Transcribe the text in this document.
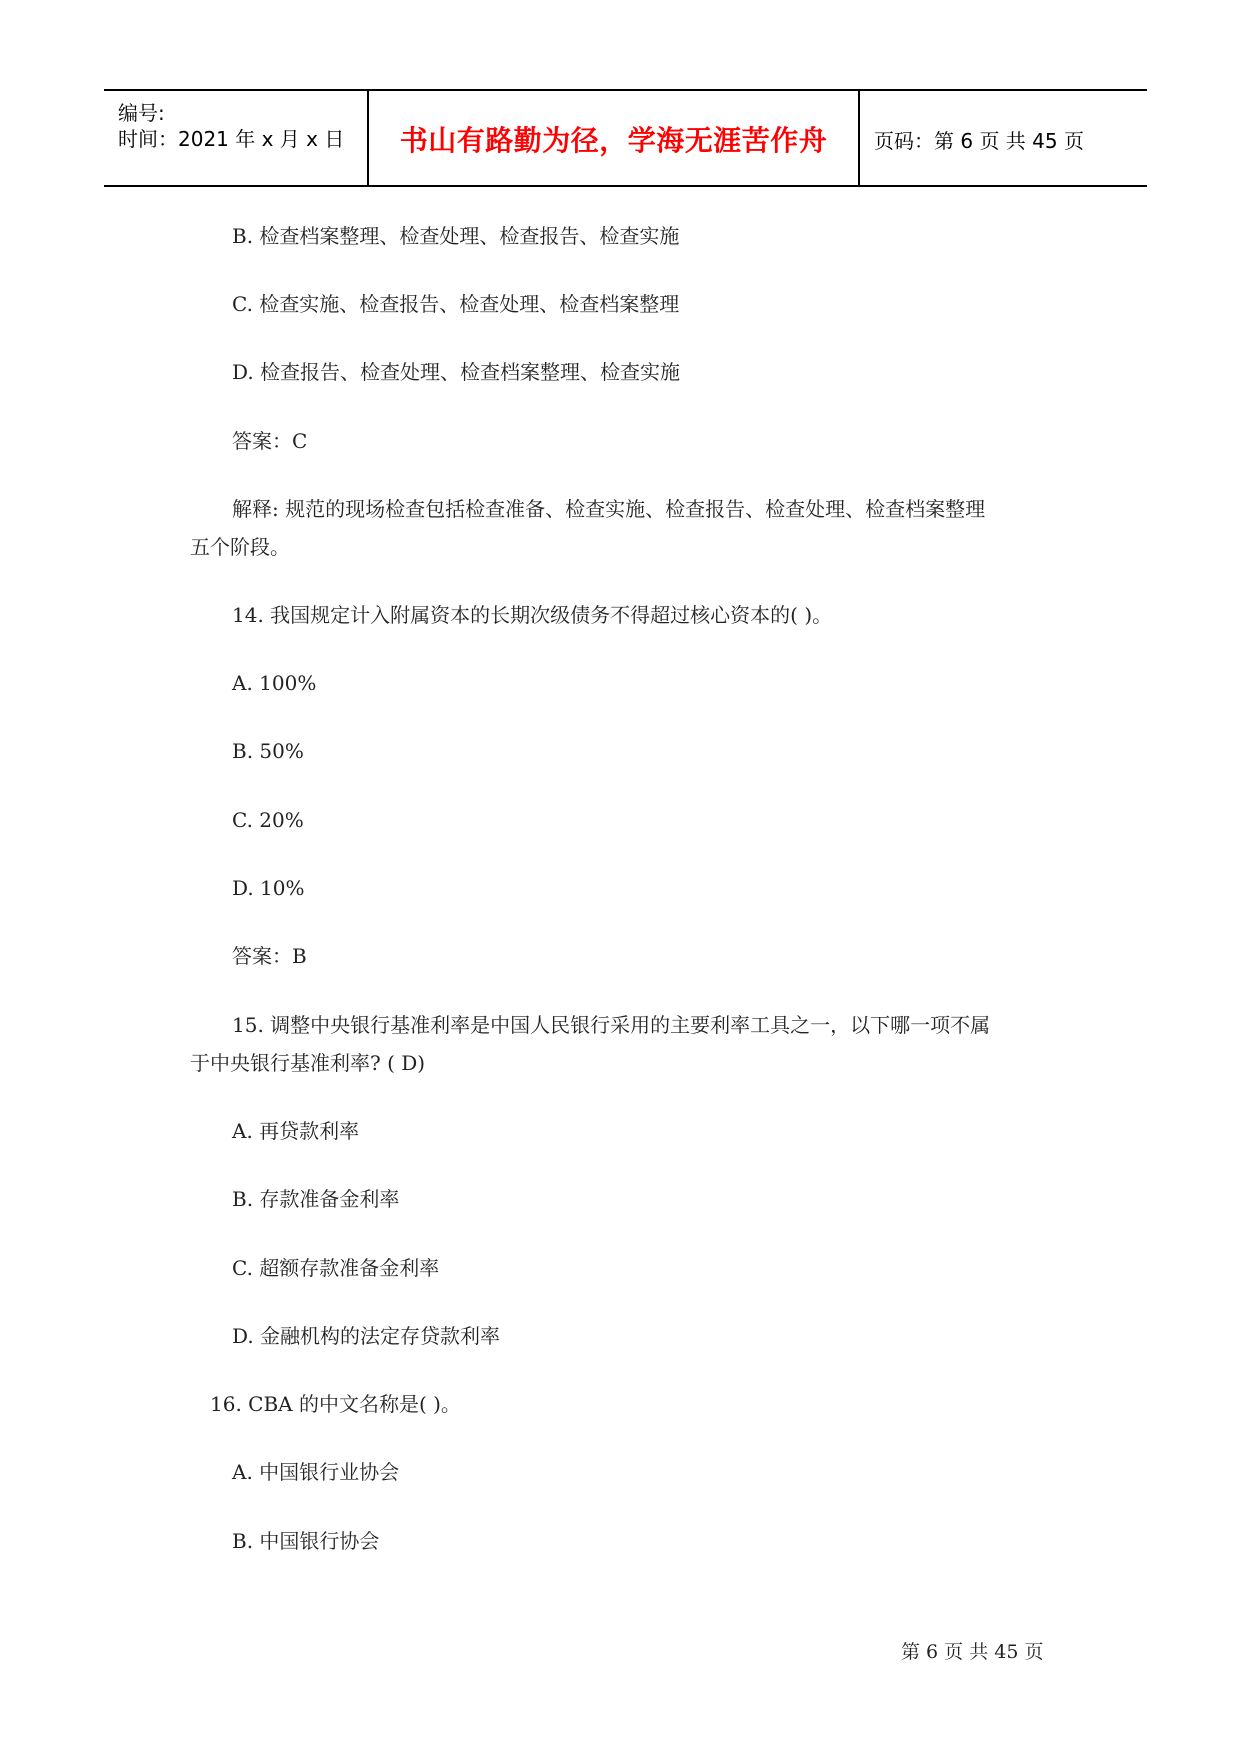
编号:
时间：2021 年 x 月 x 日	书山有路勤为径，学海无涯苦作舟	页码：第 6 页 共 45 页
B. 检查档案整理、检查处理、检查报告、检查实施
C. 检查实施、检查报告、检查处理、检查档案整理
D. 检查报告、检查处理、检查档案整理、检查实施
答案：C
解释: 规范的现场检查包括检查准备、检查实施、检查报告、检查处理、检查档案整理
五个阶段。
14. 我国规定计入附属资本的长期次级债务不得超过核心资本的( )。
A. 100%
B. 50%
C. 20%
D. 10%
答案：B
15. 调整中央银行基准利率是中国人民银行采用的主要利率工具之一，以下哪一项不属
于中央银行基准利率? ( D)
A. 再贷款利率
B. 存款准备金利率
C. 超额存款准备金利率
D. 金融机构的法定存贷款利率
16. CBA 的中文名称是( )。
A. 中国银行业协会
B. 中国银行协会
第 6 页 共 45 页
